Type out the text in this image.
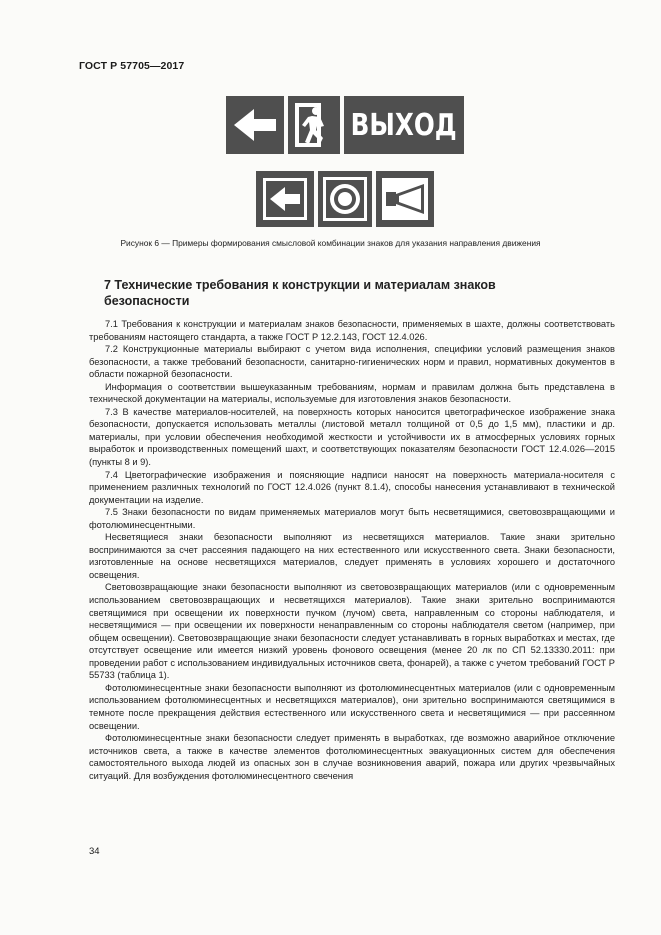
ГОСТ Р 57705—2017
ВЫХОД
Рисунок 6 — Примеры формирования смысловой комбинации знаков для указания направления движения
7 Технические требования к конструкции и материалам знаков безопасности

7.1 Требования к конструкции и материалам знаков безопасности, применяемых в шахте, должны соответствовать требованиям настоящего стандарта, а также ГОСТ Р 12.2.143, ГОСТ 12.4.026.

7.2 Конструкционные материалы выбирают с учетом вида исполнения, специфики условий размещения знаков безопасности, а также требований безопасности, санитарно-гигиенических норм и правил, нормативных документов в области пожарной безопасности.

Информация о соответствии вышеуказанным требованиям, нормам и правилам должна быть представлена в технической документации на материалы, используемые для изготовления знаков безопасности.

7.3 В качестве материалов-носителей, на поверхность которых наносится цветографическое изображение знака безопасности, допускается использовать металлы (листовой металл толщиной от 0,5 до 1,5 мм), пластики и др. материалы, при условии обеспечения необходимой жесткости и устойчивости их в атмосферных условиях горных выработок и производственных помещений шахт, и соответствующих показателям безопасности ГОСТ 12.4.026—2015 (пункты 8 и 9).

7.4 Цветографические изображения и поясняющие надписи наносят на поверхность материала-носителя с применением различных технологий по ГОСТ 12.4.026 (пункт 8.1.4), способы нанесения устанавливают в технической документации на изделие.

7.5 Знаки безопасности по видам применяемых материалов могут быть несветящимися, световозвращающими и фотолюминесцентными.

Несветящиеся знаки безопасности выполняют из несветящихся материалов. Такие знаки зрительно воспринимаются за счет рассеяния падающего на них естественного или искусственного света. Знаки безопасности, изготовленные на основе несветящихся материалов, следует применять в условиях хорошего и достаточного освещения.

Световозвращающие знаки безопасности выполняют из световозвращающих материалов (или с одновременным использованием световозвращающих и несветящихся материалов). Такие знаки зрительно воспринимаются светящимися при освещении их поверхности пучком (лучом) света, направленным со стороны наблюдателя, и несветящимися — при освещении их поверхности ненаправленным со стороны наблюдателя светом (например, при общем освещении). Световозвращающие знаки безопасности следует устанавливать в горных выработках и местах, где отсутствует освещение или имеется низкий уровень фонового освещения (менее 20 лк по СП 52.13330.2011: при проведении работ с использованием индивидуальных источников света, фонарей), а также с учетом требований ГОСТ Р 55733 (таблица 1).

Фотолюминесцентные знаки безопасности выполняют из фотолюминесцентных материалов (или с одновременным использованием фотолюминесцентных и несветящихся материалов), они зрительно воспринимаются светящимися в темноте после прекращения действия естественного или искусственного света и несветящимися — при рассеянном освещении.

Фотолюминесцентные знаки безопасности следует применять в выработках, где возможно аварийное отключение источников света, а также в качестве элементов фотолюминесцентных эвакуационных систем для обеспечения самостоятельного выхода людей из опасных зон в случае возникновения аварий, пожара или других чрезвычайных ситуаций. Для возбуждения фотолюминесцентного свечения

34
